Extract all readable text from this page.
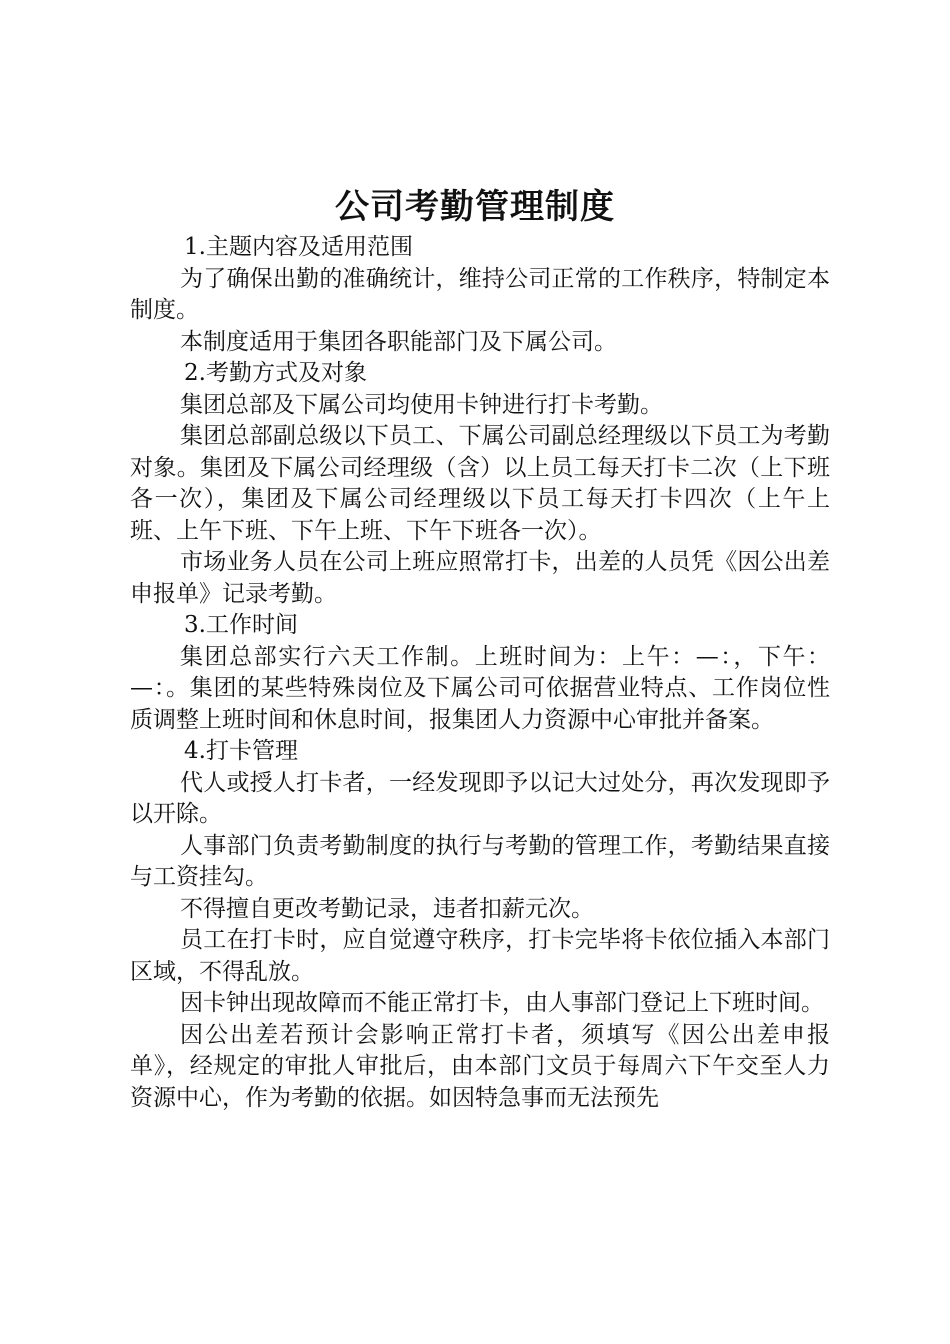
公司考勤管理制度

1.主题内容及适用范围

为了确保出勤的准确统计，维持公司正常的工作秩序，特制定本制度。

本制度适用于集团各职能部门及下属公司。

2.考勤方式及对象

集团总部及下属公司均使用卡钟进行打卡考勤。

集团总部副总级以下员工、下属公司副总经理级以下员工为考勤对象。集团及下属公司经理级（含）以上员工每天打卡二次（上下班各一次），集团及下属公司经理级以下员工每天打卡四次（上午上班、上午下班、下午上班、下午下班各一次）。

市场业务人员在公司上班应照常打卡，出差的人员凭《因公出差申报单》记录考勤。

3.工作时间

集团总部实行六天工作制。上班时间为：上午：—：，下午：—：。集团的某些特殊岗位及下属公司可依据营业特点、工作岗位性质调整上班时间和休息时间，报集团人力资源中心审批并备案。

4.打卡管理

代人或授人打卡者，一经发现即予以记大过处分，再次发现即予以开除。

人事部门负责考勤制度的执行与考勤的管理工作，考勤结果直接与工资挂勾。

不得擅自更改考勤记录，违者扣薪元次。

员工在打卡时，应自觉遵守秩序，打卡完毕将卡依位插入本部门区域，不得乱放。

因卡钟出现故障而不能正常打卡，由人事部门登记上下班时间。

因公出差若预计会影响正常打卡者，须填写《因公出差申报单》，经规定的审批人审批后，由本部门文员于每周六下午交至人力资源中心，作为考勤的依据。如因特急事而无法预先
